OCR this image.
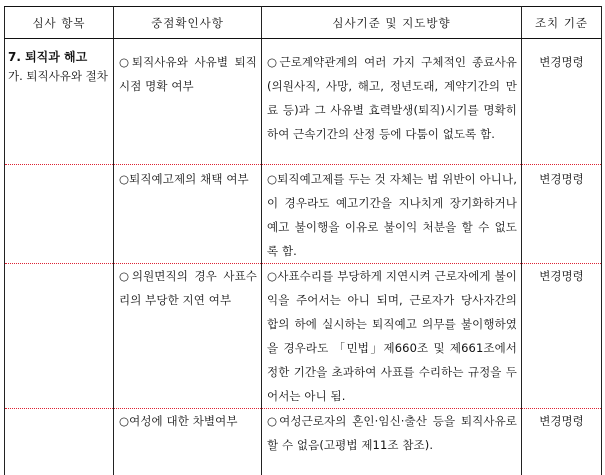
심사 항목	중점확인사항	심사기준 및 지도방향	조치 기준

7. 퇴직과 해고
가. 퇴직사유와 절차	○퇴직사유와 사유별 퇴직시점 명확 여부	○근로계약관계의 여러 가지 구체적인 종료사유(의원사직, 사망, 해고, 정년도래, 계약기간의 만료 등)과 그 사유별 효력발생(퇴직)시기를 명확히 하여 근속기간의 산정 등에 다툼이 없도록 함.	변경명령

	○퇴직예고제의 채택 여부	○퇴직예고제를 두는 것 자체는 법 위반이 아니나, 이 경우라도 예고기간을 지나치게 장기화하거나 예고 불이행을 이유로 불이익 처분을 할 수 없도록 함.	변경명령

	○의원면직의 경우 사표수리의 부당한 지연 여부	○사표수리를 부당하게 지연시켜 근로자에게 불이익을 주어서는 아니 되며, 근로자가 당사자간의 합의 하에 실시하는 퇴직예고 의무를 불이행하였을 경우라도 「민법」제660조 및 제661조에서 정한 기간을 초과하여 사표를 수리하는 규정을 두어서는 아니 됨.	변경명령

	○여성에 대한 차별여부	○여성근로자의 혼인·임신·출산 등을 퇴직사유로 할 수 없음(고평법 제11조 참조).	변경명령
